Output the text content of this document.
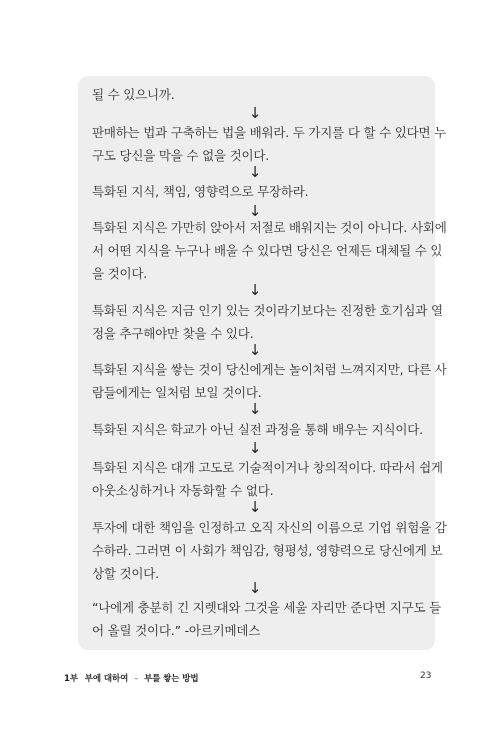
될 수 있으니까.

↓

판매하는 법과 구축하는 법을 배워라. 두 가지를 다 할 수 있다면 누
구도 당신을 막을 수 없을 것이다.

↓

특화된 지식, 책임, 영향력으로 무장하라.

↓

특화된 지식은 가만히 앉아서 저절로 배워지는 것이 아니다. 사회에
서 어떤 지식을 누구나 배울 수 있다면 당신은 언제든 대체될 수 있
을 것이다.

↓

특화된 지식은 지금 인기 있는 것이라기보다는 진정한 호기심과 열
정을 추구해야만 찾을 수 있다.

↓

특화된 지식을 쌓는 것이 당신에게는 놀이처럼 느껴지지만, 다른 사
람들에게는 일처럼 보일 것이다.

↓

특화된 지식은 학교가 아닌 실전 과정을 통해 배우는 지식이다.

↓

특화된 지식은 대개 고도로 기술적이거나 창의적이다. 따라서 쉽게
아웃소싱하거나 자동화할 수 없다.

↓

투자에 대한 책임을 인정하고 오직 자신의 이름으로 기업 위험을 감
수하라. 그러면 이 사회가 책임감, 형평성, 영향력으로 당신에게 보
상할 것이다.

↓

“나에게 충분히 긴 지렛대와 그것을 세울 자리만 준다면 지구도 들
어 올릴 것이다.” -아르키메데스

1부 부에 대하여 – 부를 쌓는 방법	23
